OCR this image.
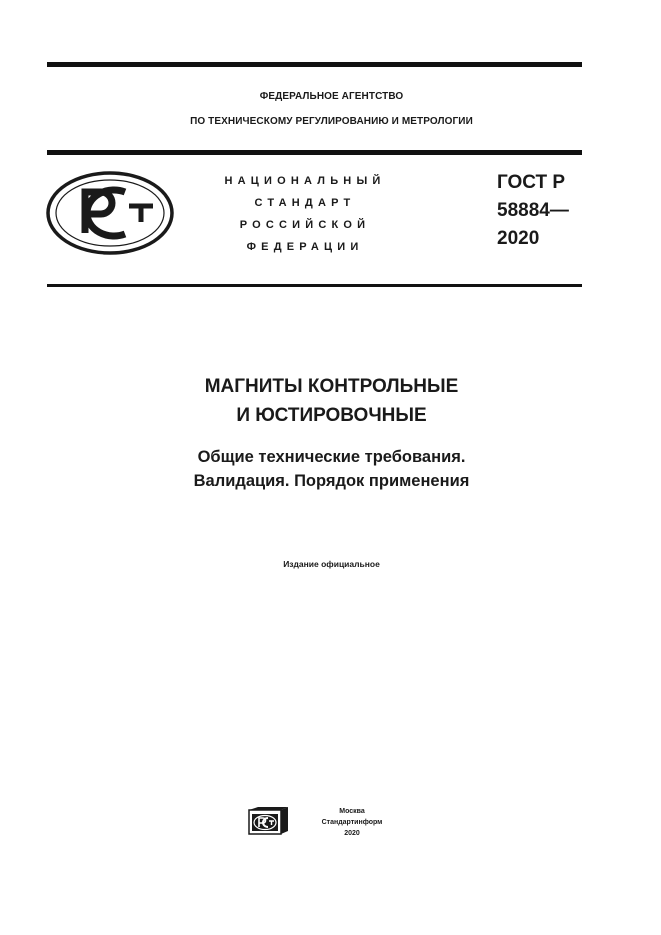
ФЕДЕРАЛЬНОЕ АГЕНТСТВО
ПО ТЕХНИЧЕСКОМУ РЕГУЛИРОВАНИЮ И МЕТРОЛОГИИ
НАЦИОНАЛЬНЫЙ
СТАНДАРТ
РОССИЙСКОЙ
ФЕДЕРАЦИИ
ГОСТ Р
58884—
2020
МАГНИТЫ КОНТРОЛЬНЫЕ
И ЮСТИРОВОЧНЫЕ
Общие технические требования.
Валидация. Порядок применения
Издание официальное
Москва
Стандартинформ
2020
